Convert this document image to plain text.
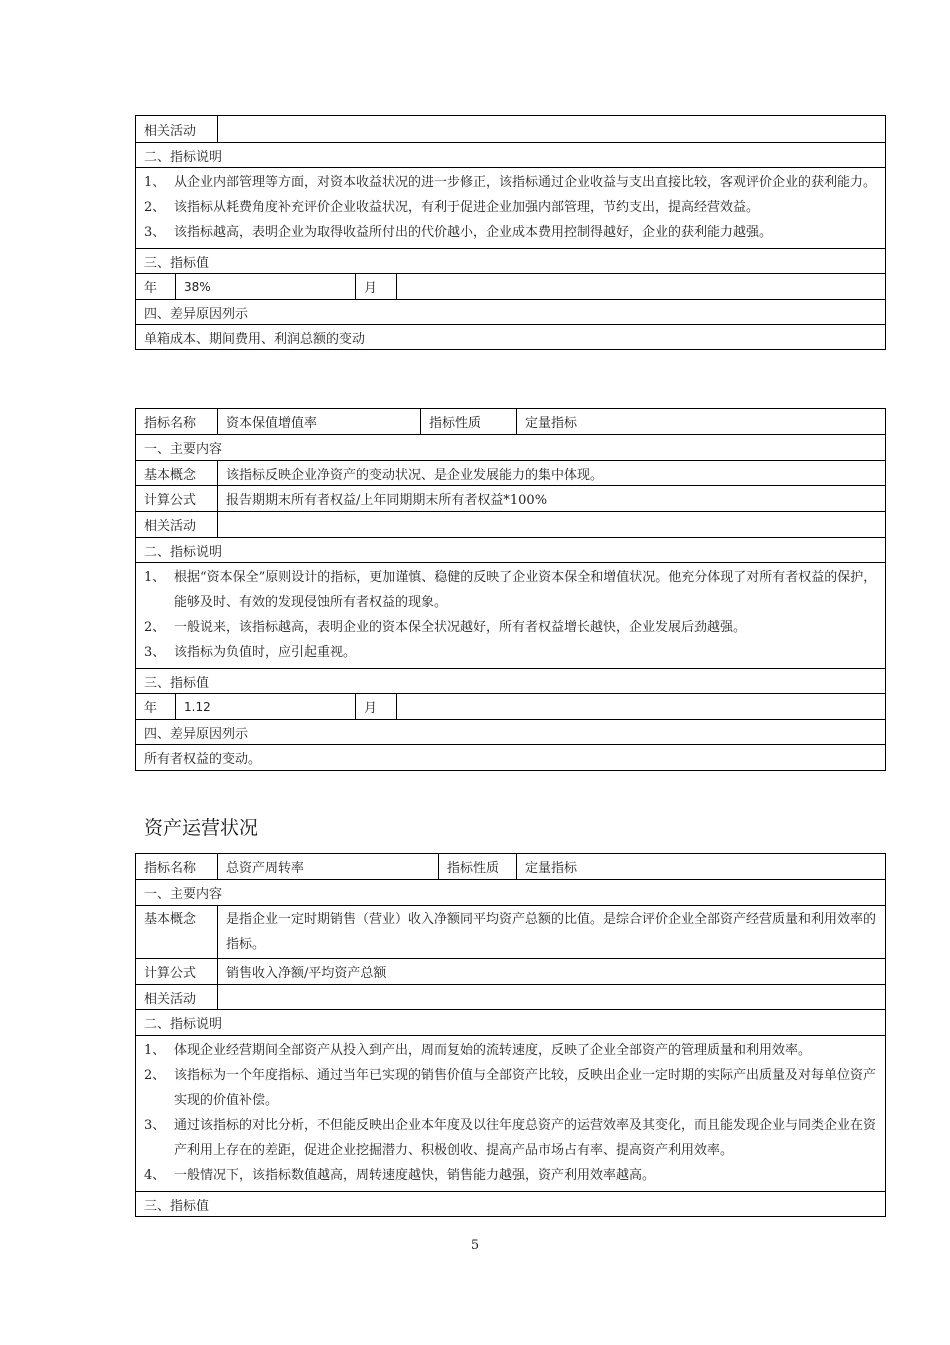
相关活动
二、指标说明
1、 从企业内部管理等方面，对资本收益状况的进一步修正，该指标通过企业收益与支出直接比较，客观评价企业的获利能力。
2、 该指标从耗费角度补充评价企业收益状况，有利于促进企业加强内部管理，节约支出，提高经营效益。
3、 该指标越高，表明企业为取得收益所付出的代价越小，企业成本费用控制得越好，企业的获利能力越强。
三、指标值
年	38%	月
四、差异原因列示
单箱成本、期间费用、利润总额的变动
指标名称	资本保值增值率	指标性质	定量指标
一、主要内容
基本概念	该指标反映企业净资产的变动状况、是企业发展能力的集中体现。
计算公式	报告期期末所有者权益/上年同期期末所有者权益*100%
相关活动
二、指标说明
1、 根据“资本保全”原则设计的指标，更加谨慎、稳健的反映了企业资本保全和增值状况。他充分体现了对所有者权益的保护，能够及时、有效的发现侵蚀所有者权益的现象。
2、 一般说来，该指标越高，表明企业的资本保全状况越好，所有者权益增长越快，企业发展后劲越强。
3、 该指标为负值时，应引起重视。
三、指标值
年	1.12	月
四、差异原因列示
所有者权益的变动。
资产运营状况
指标名称	总资产周转率	指标性质	定量指标
一、主要内容
基本概念	是指企业一定时期销售（营业）收入净额同平均资产总额的比值。是综合评价企业全部资产经营质量和利用效率的指标。
计算公式	销售收入净额/平均资产总额
相关活动
二、指标说明
1、 体现企业经营期间全部资产从投入到产出，周而复始的流转速度，反映了企业全部资产的管理质量和利用效率。
2、 该指标为一个年度指标、通过当年已实现的销售价值与全部资产比较，反映出企业一定时期的实际产出质量及对每单位资产实现的价值补偿。
3、 通过该指标的对比分析，不但能反映出企业本年度及以往年度总资产的运营效率及其变化，而且能发现企业与同类企业在资产利用上存在的差距，促进企业挖掘潜力、积极创收、提高产品市场占有率、提高资产利用效率。
4、 一般情况下，该指标数值越高，周转速度越快，销售能力越强，资产利用效率越高。
三、指标值
5
